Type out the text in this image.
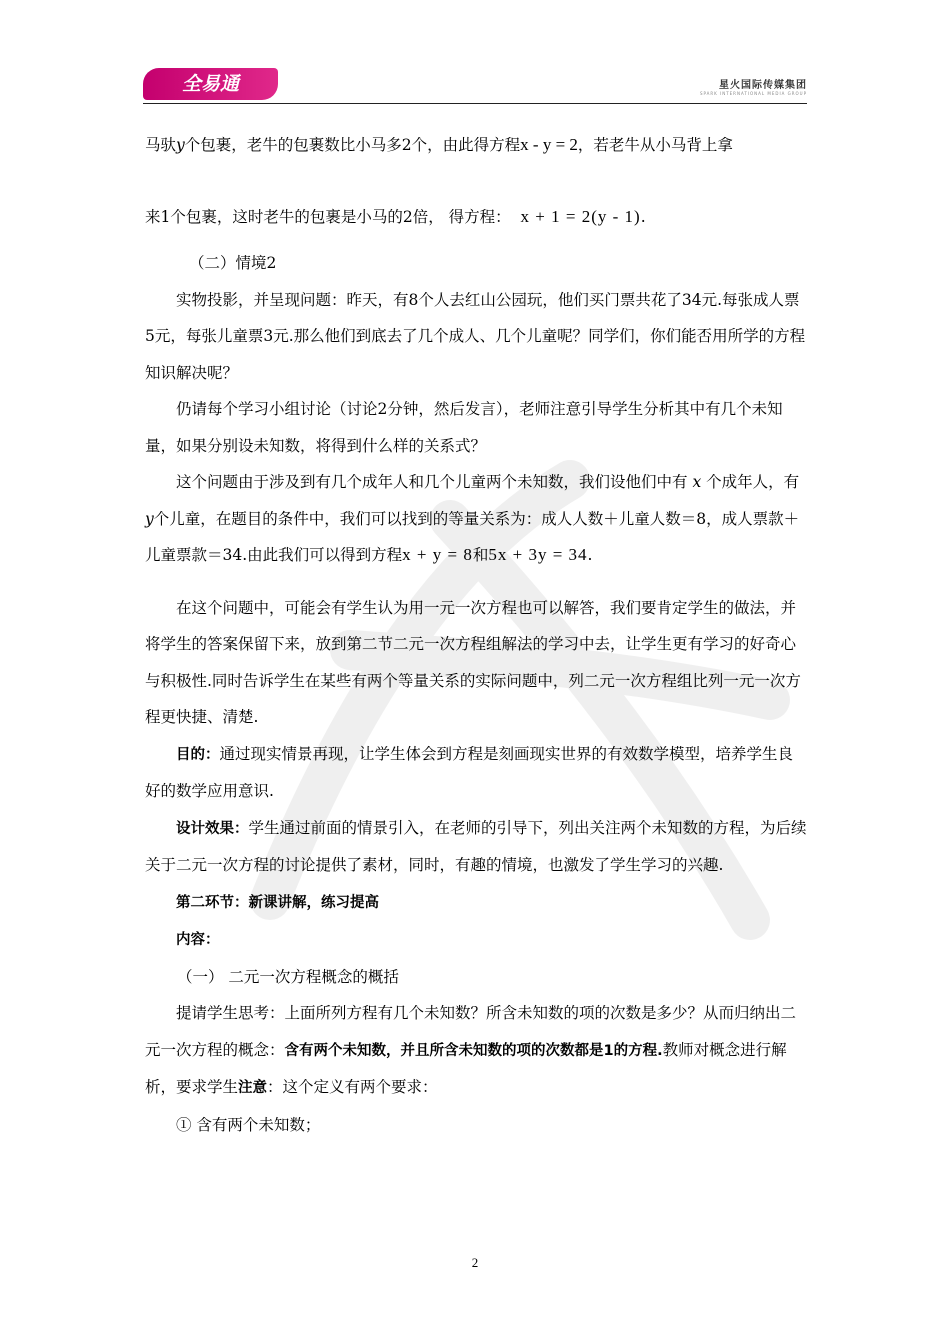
全易通	星火国际传媒集团
SPARK INTERNATIONAL MEDIA GROUP

马驮y个包裹，老牛的包裹数比小马多2个，由此得方程x - y = 2，若老牛从小马背上拿

来1个包裹，这时老牛的包裹是小马的2倍， 得方程： x + 1 = 2(y - 1).

（二）情境2

实物投影，并呈现问题：昨天，有8个人去红山公园玩，他们买门票共花了34元.每张成人票5元，每张儿童票3元.那么他们到底去了几个成人、几个儿童呢？同学们，你们能否用所学的方程知识解决呢？

仍请每个学习小组讨论（讨论2分钟，然后发言），老师注意引导学生分析其中有几个未知量，如果分别设未知数，将得到什么样的关系式？

这个问题由于涉及到有几个成年人和几个儿童两个未知数，我们设他们中有 x 个成年人，有y个儿童，在题目的条件中，我们可以找到的等量关系为：成人人数＋儿童人数＝8，成人票款＋儿童票款＝34.由此我们可以得到方程x + y = 8和5x + 3y = 34.

在这个问题中，可能会有学生认为用一元一次方程也可以解答，我们要肯定学生的做法，并将学生的答案保留下来，放到第二节二元一次方程组解法的学习中去，让学生更有学习的好奇心与积极性.同时告诉学生在某些有两个等量关系的实际问题中，列二元一次方程组比列一元一次方程更快捷、清楚.

目的：通过现实情景再现，让学生体会到方程是刻画现实世界的有效数学模型，培养学生良好的数学应用意识.

设计效果：学生通过前面的情景引入，在老师的引导下，列出关注两个未知数的方程，为后续关于二元一次方程的讨论提供了素材，同时，有趣的情境，也激发了学生学习的兴趣.

第二环节：新课讲解，练习提高

内容：

（一） 二元一次方程概念的概括

提请学生思考：上面所列方程有几个未知数？所含未知数的项的次数是多少？从而归纳出二元一次方程的概念：含有两个未知数，并且所含未知数的项的次数都是1的方程.教师对概念进行解析，要求学生注意：这个定义有两个要求：

① 含有两个未知数；

2
